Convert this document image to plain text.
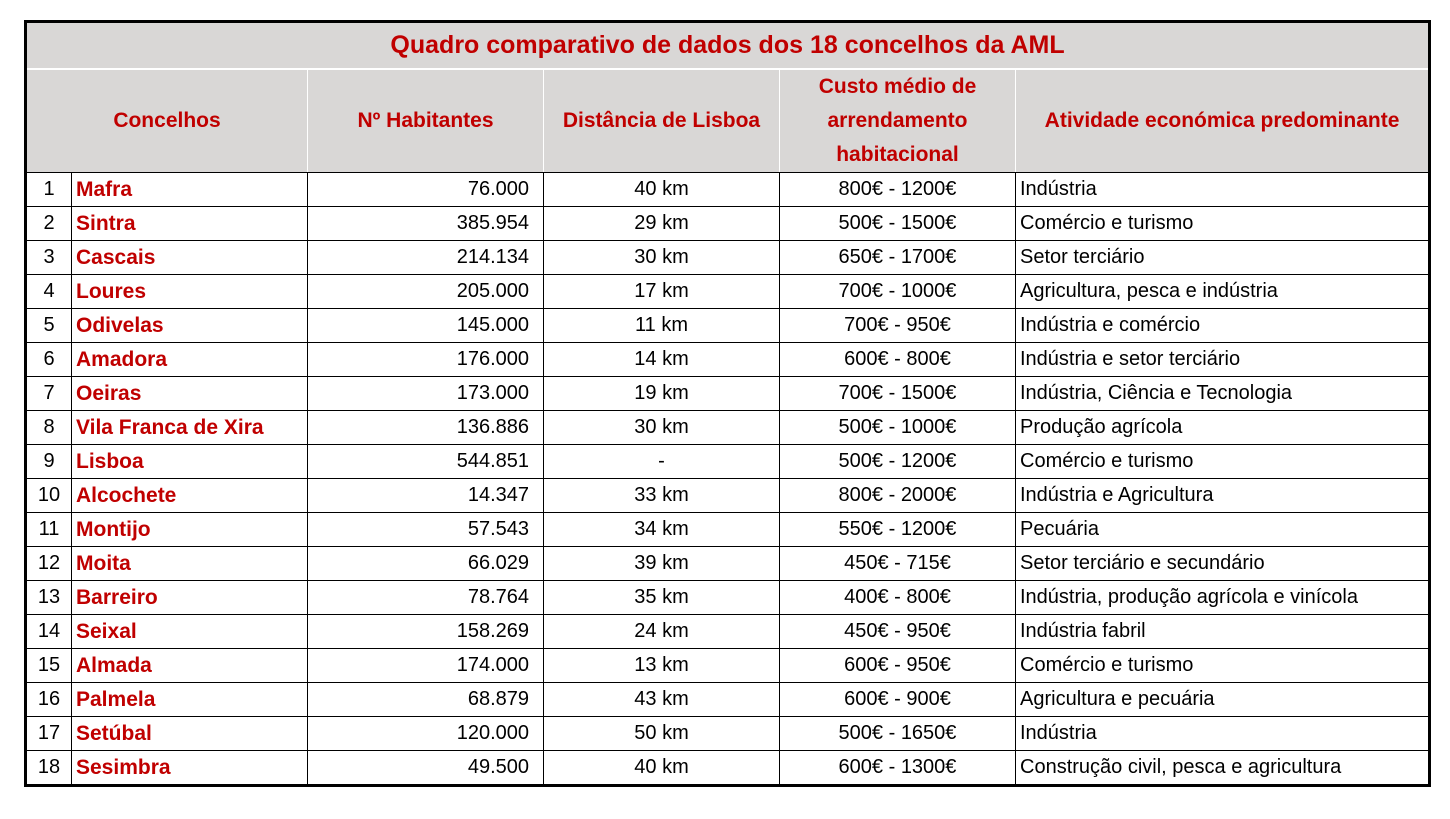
Quadro comparativo de dados dos 18 concelhos da AML					
Concelhos		Nº Habitantes	Distância de Lisboa	Custo médio de arrendamento habitacional	Atividade económica predominante
1	Mafra	76.000	40 km	800€ - 1200€	Indústria
2	Sintra	385.954	29 km	500€ - 1500€	Comércio e turismo
3	Cascais	214.134	30 km	650€ - 1700€	Setor terciário
4	Loures	205.000	17 km	700€ - 1000€	Agricultura, pesca e indústria
5	Odivelas	145.000	11 km	700€ - 950€	Indústria e comércio
6	Amadora	176.000	14 km	600€ - 800€	Indústria e setor terciário
7	Oeiras	173.000	19 km	700€ - 1500€	Indústria, Ciência e Tecnologia
8	Vila Franca de Xira	136.886	30 km	500€ - 1000€	Produção agrícola
9	Lisboa	544.851	-	500€ - 1200€	Comércio e turismo
10	Alcochete	14.347	33 km	800€ - 2000€	Indústria e Agricultura
11	Montijo	57.543	34 km	550€ - 1200€	Pecuária
12	Moita	66.029	39 km	450€ - 715€	Setor terciário e secundário
13	Barreiro	78.764	35 km	400€ - 800€	Indústria, produção agrícola e vinícola
14	Seixal	158.269	24 km	450€ - 950€	Indústria fabril
15	Almada	174.000	13 km	600€ - 950€	Comércio e turismo
16	Palmela	68.879	43 km	600€ - 900€	Agricultura e pecuária
17	Setúbal	120.000	50 km	500€ - 1650€	Indústria
18	Sesimbra	49.500	40 km	600€ - 1300€	Construção civil, pesca e agricultura
